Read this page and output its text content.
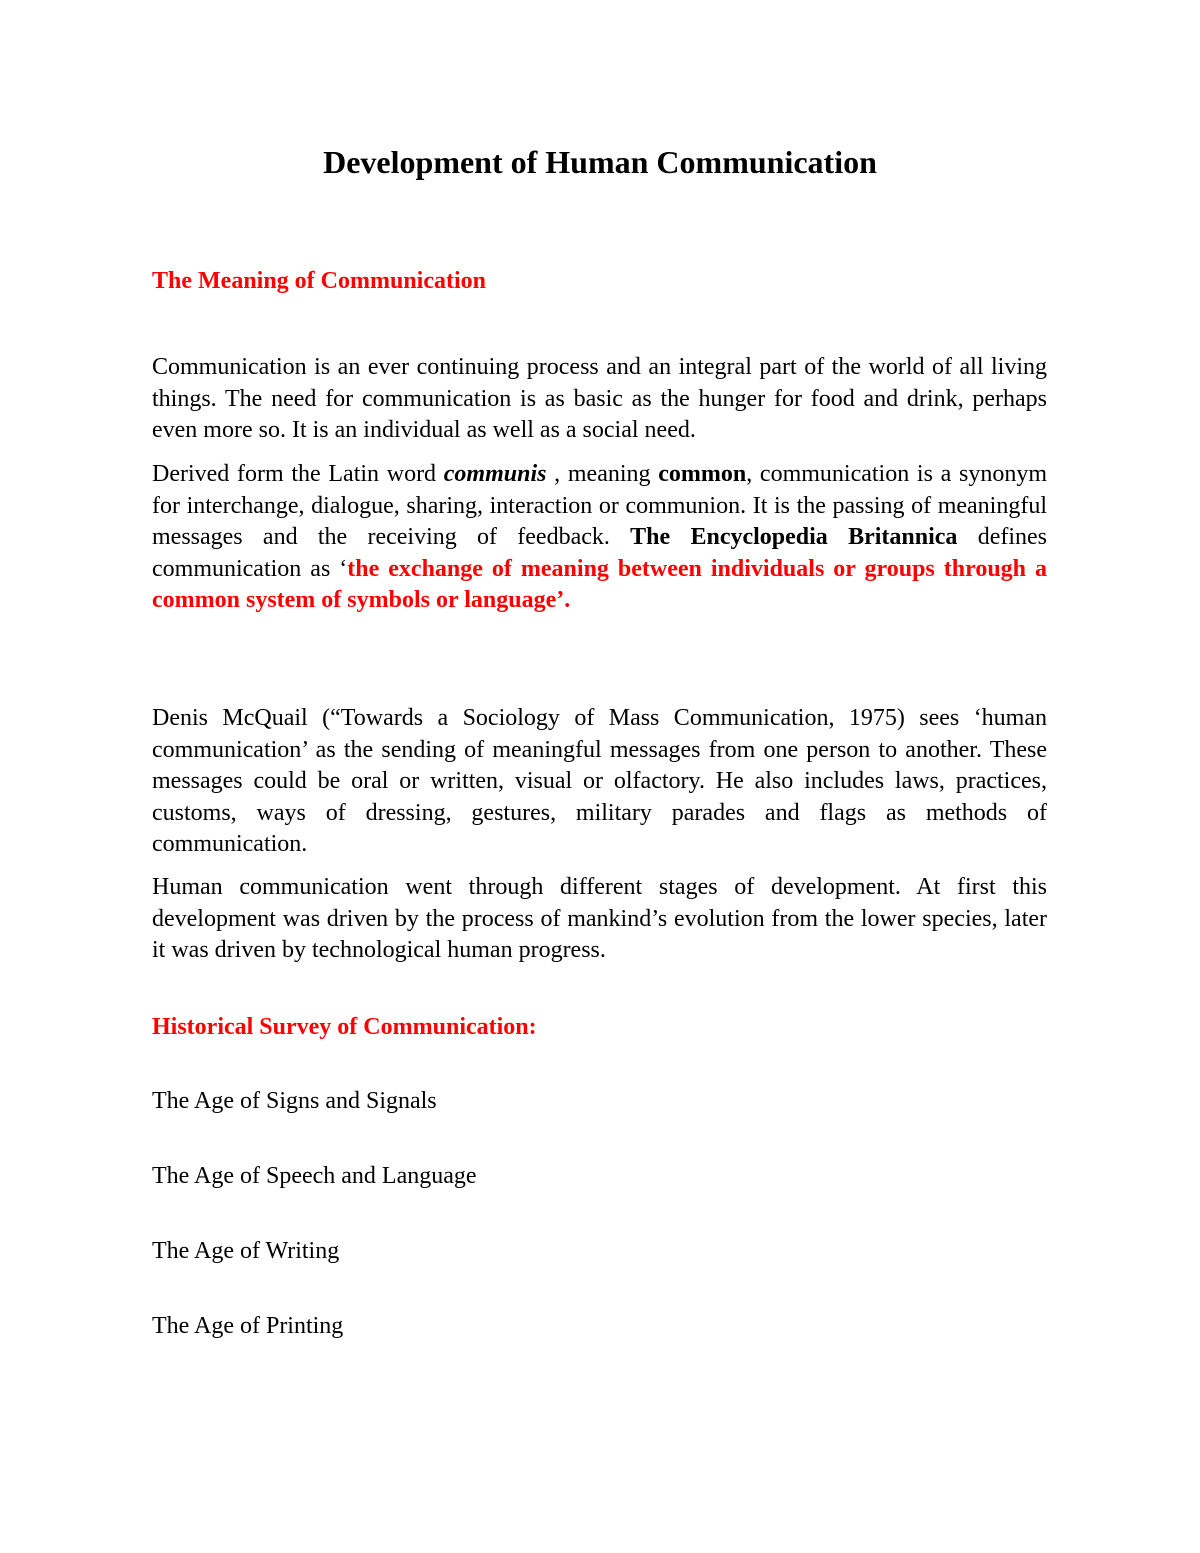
Development of Human Communication
The Meaning of Communication

Communication is an ever continuing process and an integral part of the world of all living things. The need for communication is as basic as the hunger for food and drink, perhaps even more so. It is an individual as well as a social need.

Derived form the Latin word communis , meaning common, communication is a synonym for interchange, dialogue, sharing, interaction or communion. It is the passing of meaningful messages and the receiving of feedback. The Encyclopedia Britannica defines communication as ‘the exchange of meaning between individuals or groups through a common system of symbols or language’.

Denis McQuail (“Towards a Sociology of Mass Communication, 1975) sees ‘human communication’ as the sending of meaningful messages from one person to another. These messages could be oral or written, visual or olfactory. He also includes laws, practices, customs, ways of dressing, gestures, military parades and flags as methods of communication.

Human communication went through different stages of development. At first this development was driven by the process of mankind’s evolution from the lower species, later it was driven by technological human progress.

Historical Survey of Communication:

The Age of Signs and Signals

The Age of Speech and Language

The Age of Writing

The Age of Printing
